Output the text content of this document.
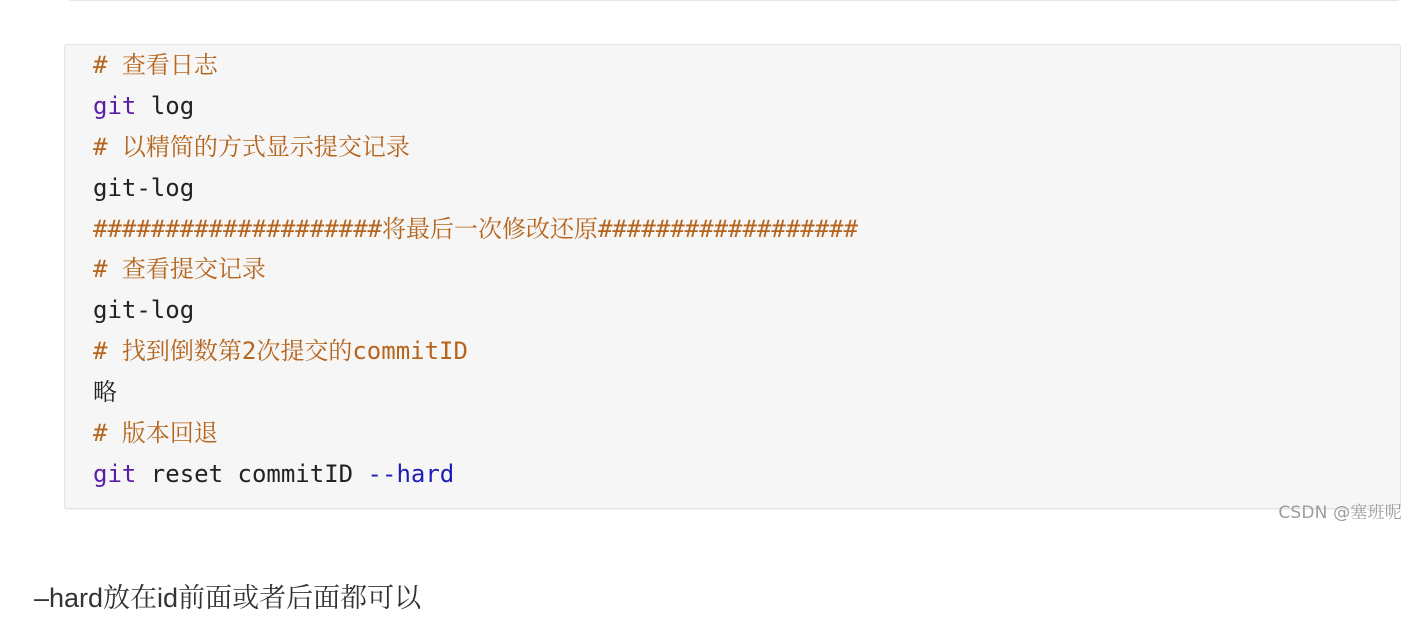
# 查看日志
git log
# 以精简的方式显示提交记录
git-log
####################将最后一次修改还原##################
# 查看提交记录
git-log
# 找到倒数第2次提交的commitID
略
# 版本回退
git reset commitID --hard
CSDN @塞班呢

–hard放在id前面或者后面都可以
